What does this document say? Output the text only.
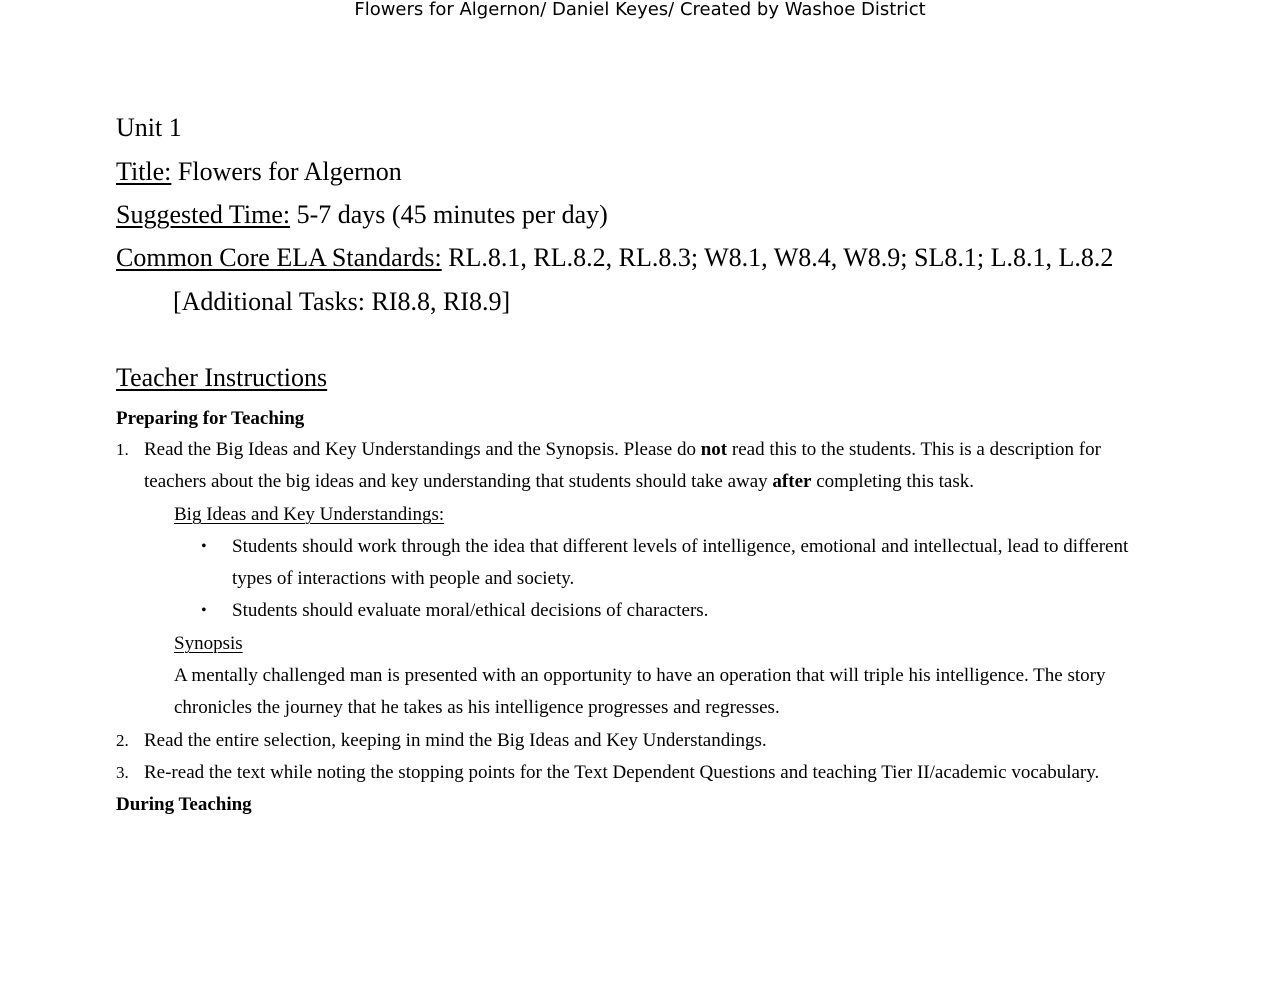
Flowers for Algernon/ Daniel Keyes/ Created by Washoe District

Unit 1

Title: Flowers for Algernon

Suggested Time: 5-7 days (45 minutes per day)

Common Core ELA Standards: RL.8.1, RL.8.2, RL.8.3; W8.1, W8.4, W8.9; SL8.1; L.8.1, L.8.2

[Additional Tasks: RI8.8, RI8.9]

Teacher Instructions

Preparing for Teaching

1. Read the Big Ideas and Key Understandings and the Synopsis. Please do not read this to the students. This is a description for

teachers about the big ideas and key understanding that students should take away after completing this task.

Big Ideas and Key Understandings:

• Students should work through the idea that different levels of intelligence, emotional and intellectual, lead to different

types of interactions with people and society.

• Students should evaluate moral/ethical decisions of characters.

Synopsis

A mentally challenged man is presented with an opportunity to have an operation that will triple his intelligence. The story

chronicles the journey that he takes as his intelligence progresses and regresses.

2. Read the entire selection, keeping in mind the Big Ideas and Key Understandings.

3. Re-read the text while noting the stopping points for the Text Dependent Questions and teaching Tier II/academic vocabulary.

During Teaching
